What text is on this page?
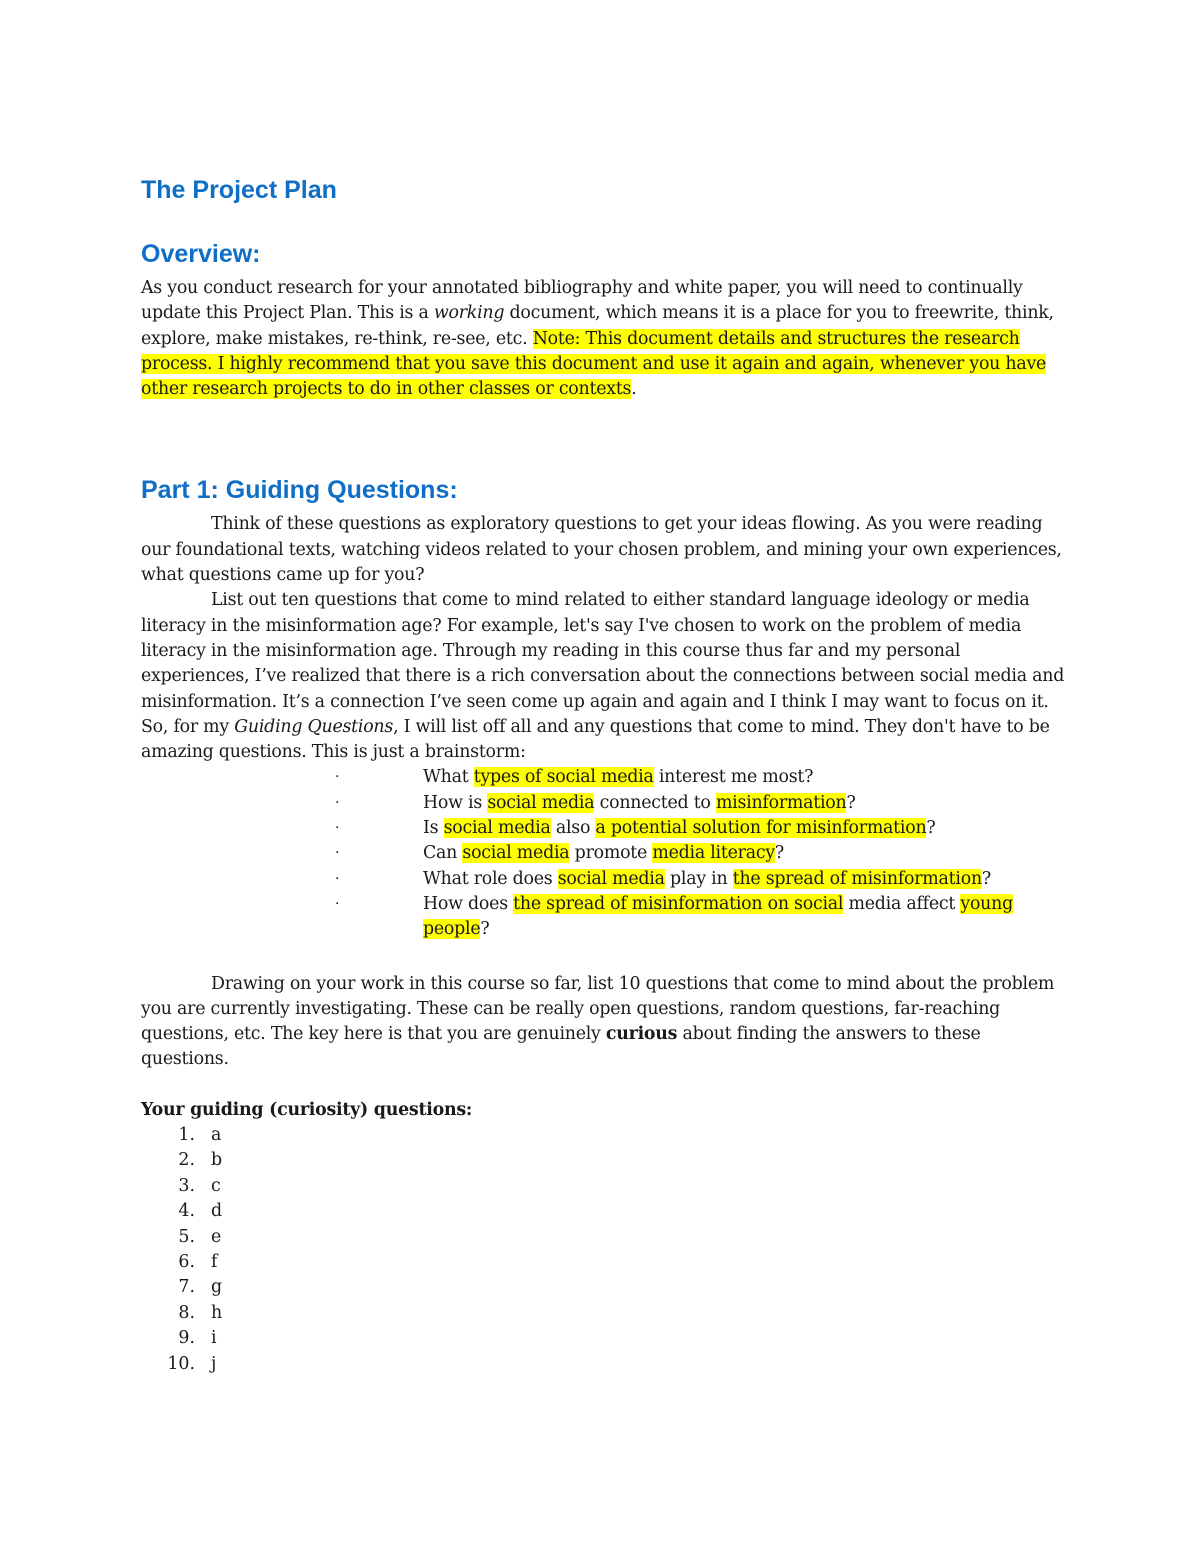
The Project Plan
Overview:

As you conduct research for your annotated bibliography and white paper, you will need to continually update this Project Plan. This is a working document, which means it is a place for you to freewrite, think, explore, make mistakes, re-think, re-see, etc. Note: This document details and structures the research process. I highly recommend that you save this document and use it again and again, whenever you have other research projects to do in other classes or contexts.

Part 1: Guiding Questions:

Think of these questions as exploratory questions to get your ideas flowing. As you were reading our foundational texts, watching videos related to your chosen problem, and mining your own experiences, what questions came up for you?

List out ten questions that come to mind related to either standard language ideology or media literacy in the misinformation age? For example, let's say I've chosen to work on the problem of media literacy in the misinformation age. Through my reading in this course thus far and my personal experiences, I’ve realized that there is a rich conversation about the connections between social media and misinformation. It’s a connection I’ve seen come up again and again and I think I may want to focus on it. So, for my Guiding Questions, I will list off all and any questions that come to mind. They don't have to be amazing questions. This is just a brainstorm:

·	What types of social media interest me most?
·	How is social media connected to misinformation?
·	Is social media also a potential solution for misinformation?
·	Can social media promote media literacy?
·	What role does social media play in the spread of misinformation?
·	How does the spread of misinformation on social media affect young people?

Drawing on your work in this course so far, list 10 questions that come to mind about the problem you are currently investigating. These can be really open questions, random questions, far-reaching questions, etc. The key here is that you are genuinely curious about finding the answers to these questions.

Your guiding (curiosity) questions:

1. a
2. b
3. c
4. d
5. e
6. f
7. g
8. h
9. i
10. j
